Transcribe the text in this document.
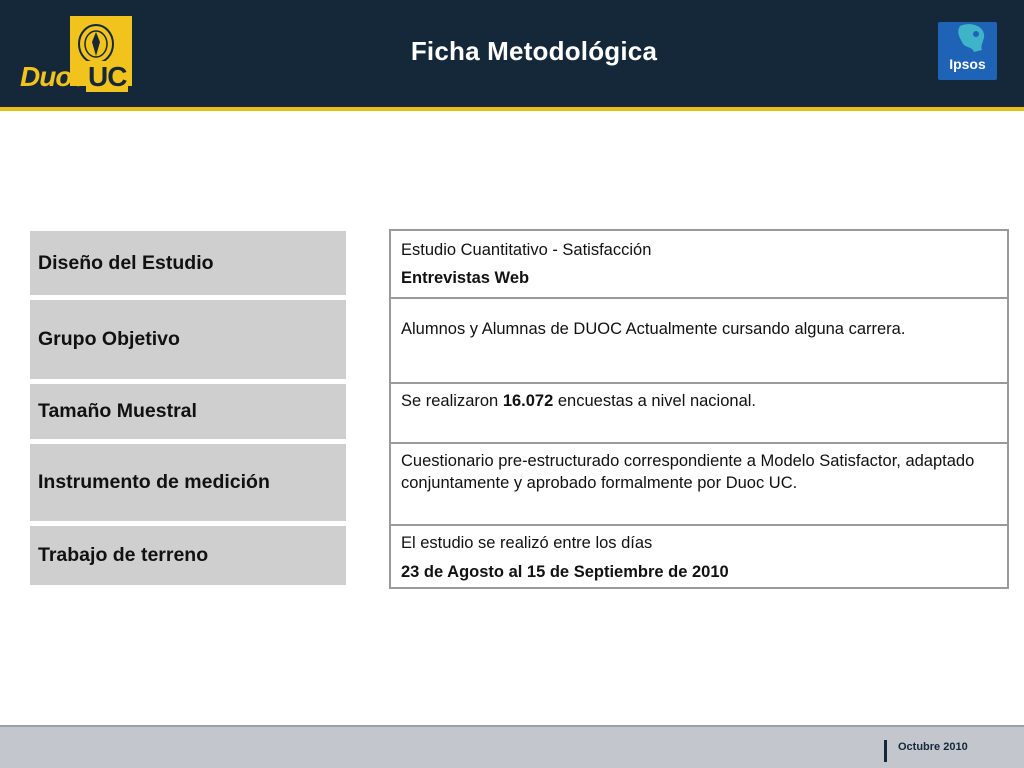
DuocUC
Ficha Metodológica	Ipsos
Diseño del Estudio
Grupo Objetivo
Tamaño Muestral
Instrumento de medición
Trabajo de terreno
Estudio Cuantitativo - Satisfacción
Entrevistas Web
Alumnos y Alumnas de DUOC Actualmente cursando alguna carrera.
Se realizaron 16.072 encuestas a nivel nacional.
Cuestionario pre-estructurado correspondiente a Modelo Satisfactor, adaptado conjuntamente y aprobado formalmente por Duoc UC.
El estudio se realizó entre los días
23 de Agosto al 15 de Septiembre de 2010
Octubre 2010
